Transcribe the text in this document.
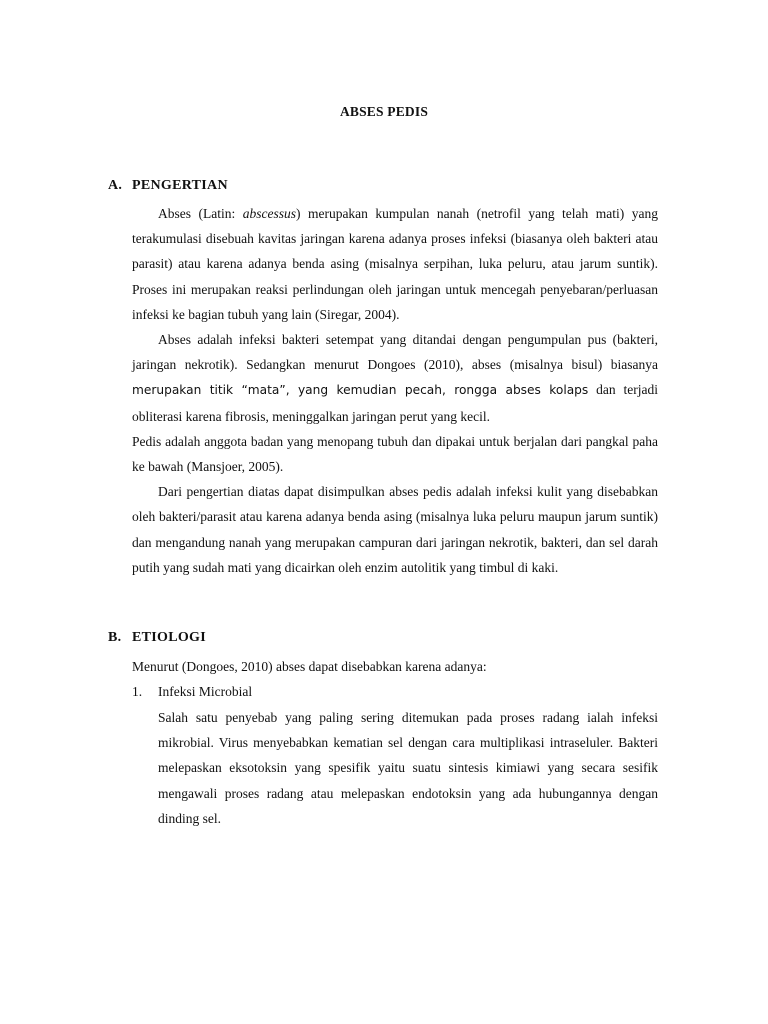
ABSES PEDIS
A. PENGERTIAN

Abses (Latin: abscessus) merupakan kumpulan nanah (netrofil yang telah mati) yang terakumulasi disebuah kavitas jaringan karena adanya proses infeksi (biasanya oleh bakteri atau parasit) atau karena adanya benda asing (misalnya serpihan, luka peluru, atau jarum suntik). Proses ini merupakan reaksi perlindungan oleh jaringan untuk mencegah penyebaran/perluasan infeksi ke bagian tubuh yang lain (Siregar, 2004).

Abses adalah infeksi bakteri setempat yang ditandai dengan pengumpulan pus (bakteri, jaringan nekrotik). Sedangkan menurut Dongoes (2010), abses (misalnya bisul) biasanya merupakan titik “mata”, yang kemudian pecah, rongga abses kolaps dan terjadi obliterasi karena fibrosis, meninggalkan jaringan perut yang kecil.

Pedis adalah anggota badan yang menopang tubuh dan dipakai untuk berjalan dari pangkal paha ke bawah (Mansjoer, 2005).

Dari pengertian diatas dapat disimpulkan abses pedis adalah infeksi kulit yang disebabkan oleh bakteri/parasit atau karena adanya benda asing (misalnya luka peluru maupun jarum suntik) dan mengandung nanah yang merupakan campuran dari jaringan nekrotik, bakteri, dan sel darah putih yang sudah mati yang dicairkan oleh enzim autolitik yang timbul di kaki.

B. ETIOLOGI

Menurut (Dongoes, 2010) abses dapat disebabkan karena adanya:

1. Infeksi Microbial

Salah satu penyebab yang paling sering ditemukan pada proses radang ialah infeksi mikrobial. Virus menyebabkan kematian sel dengan cara multiplikasi intraseluler. Bakteri melepaskan eksotoksin yang spesifik yaitu suatu sintesis kimiawi yang secara sesifik mengawali proses radang atau melepaskan endotoksin yang ada hubungannya dengan dinding sel.
